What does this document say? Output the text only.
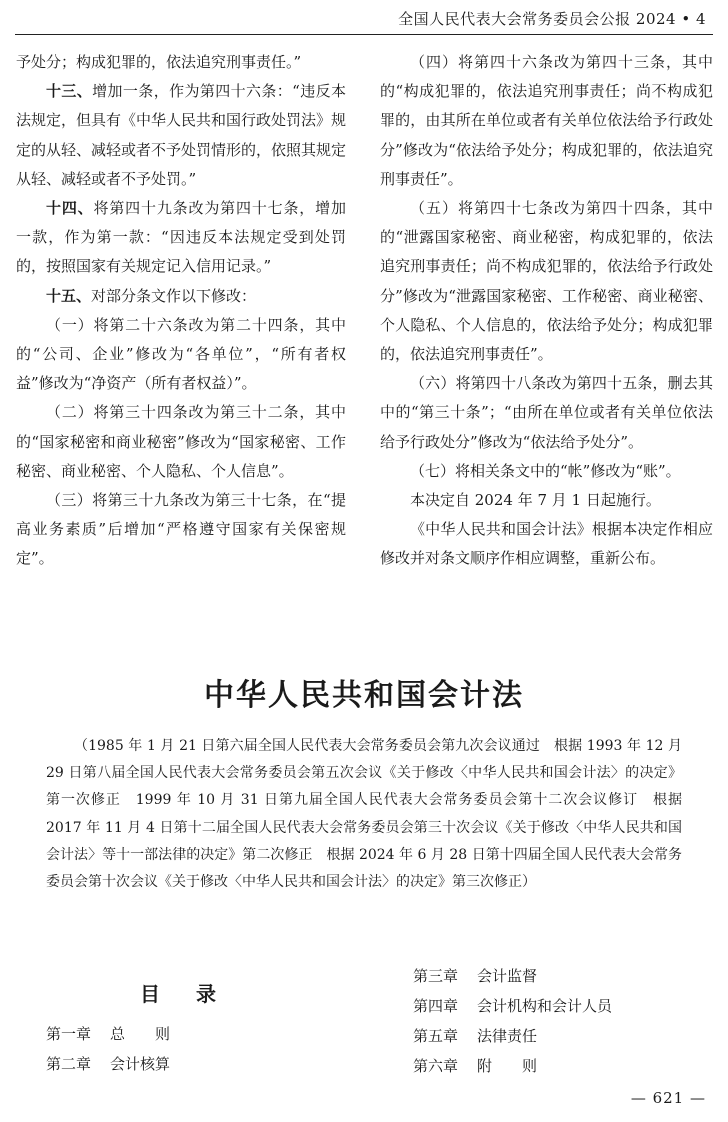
全国人民代表大会常务委员会公报 2024 • 4

予处分；构成犯罪的，依法追究刑事责任。”

十三、增加一条，作为第四十六条：“违反本法规定，但具有《中华人民共和国行政处罚法》规定的从轻、减轻或者不予处罚情形的，依照其规定从轻、减轻或者不予处罚。”

十四、将第四十九条改为第四十七条，增加一款，作为第一款：“因违反本法规定受到处罚的，按照国家有关规定记入信用记录。”

十五、对部分条文作以下修改：

（一）将第二十六条改为第二十四条，其中的“公司、企业”修改为“各单位”，“所有者权益”修改为“净资产（所有者权益）”。

（二）将第三十四条改为第三十二条，其中的“国家秘密和商业秘密”修改为“国家秘密、工作秘密、商业秘密、个人隐私、个人信息”。

（三）将第三十九条改为第三十七条，在“提高业务素质”后增加“严格遵守国家有关保密规定”。

（四）将第四十六条改为第四十三条，其中的“构成犯罪的，依法追究刑事责任；尚不构成犯罪的，由其所在单位或者有关单位依法给予行政处分”修改为“依法给予处分；构成犯罪的，依法追究刑事责任”。

（五）将第四十七条改为第四十四条，其中的“泄露国家秘密、商业秘密，构成犯罪的，依法追究刑事责任；尚不构成犯罪的，依法给予行政处分”修改为“泄露国家秘密、工作秘密、商业秘密、个人隐私、个人信息的，依法给予处分；构成犯罪的，依法追究刑事责任”。

（六）将第四十八条改为第四十五条，删去其中的“第三十条”；“由所在单位或者有关单位依法给予行政处分”修改为“依法给予处分”。

（七）将相关条文中的“帐”修改为“账”。

本决定自 2024 年 7 月 1 日起施行。

《中华人民共和国会计法》根据本决定作相应修改并对条文顺序作相应调整，重新公布。

中华人民共和国会计法

（1985 年 1 月 21 日第六届全国人民代表大会常务委员会第九次会议通过　根据 1993 年 12 月 29 日第八届全国人民代表大会常务委员会第五次会议《关于修改〈中华人民共和国会计法〉的决定》第一次修正　1999 年 10 月 31 日第九届全国人民代表大会常务委员会第十二次会议修订　根据 2017 年 11 月 4 日第十二届全国人民代表大会常务委员会第三十次会议《关于修改〈中华人民共和国会计法〉等十一部法律的决定》第二次修正　根据 2024 年 6 月 28 日第十四届全国人民代表大会常务委员会第十次会议《关于修改〈中华人民共和国会计法〉的决定》第三次修正）

目录
第一章 总　　则
第二章 会计核算
第三章 会计监督
第四章 会计机构和会计人员
第五章 法律责任
第六章 附　　则
— 621 —
